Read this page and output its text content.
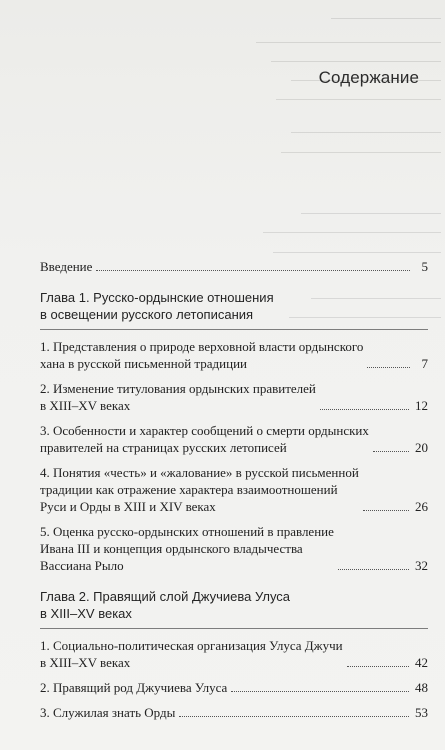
Содержание
Введение	5
Глава 1. Русско-ордынские отношения
в освещении русского летописания
1. Представления о природе верховной власти ордынского
хана в русской письменной традиции	7
2. Изменение титулования ордынских правителей
в XIII–XV веках	12
3. Особенности и характер сообщений о смерти ордынских
правителей на страницах русских летописей	20
4. Понятия «честь» и «жалование» в русской письменной
традиции как отражение характера взаимоотношений
Руси и Орды в XIII и XIV веках	26
5. Оценка русско-ордынских отношений в правление
Ивана III и концепция ордынского владычества
Вассиана Рыло	32
Глава 2. Правящий слой Джучиева Улуса
в XIII–XV веках
1. Социально-политическая организация Улуса Джучи
в XIII–XV веках	42
2. Правящий род Джучиева Улуса	48
3. Служилая знать Орды	53
